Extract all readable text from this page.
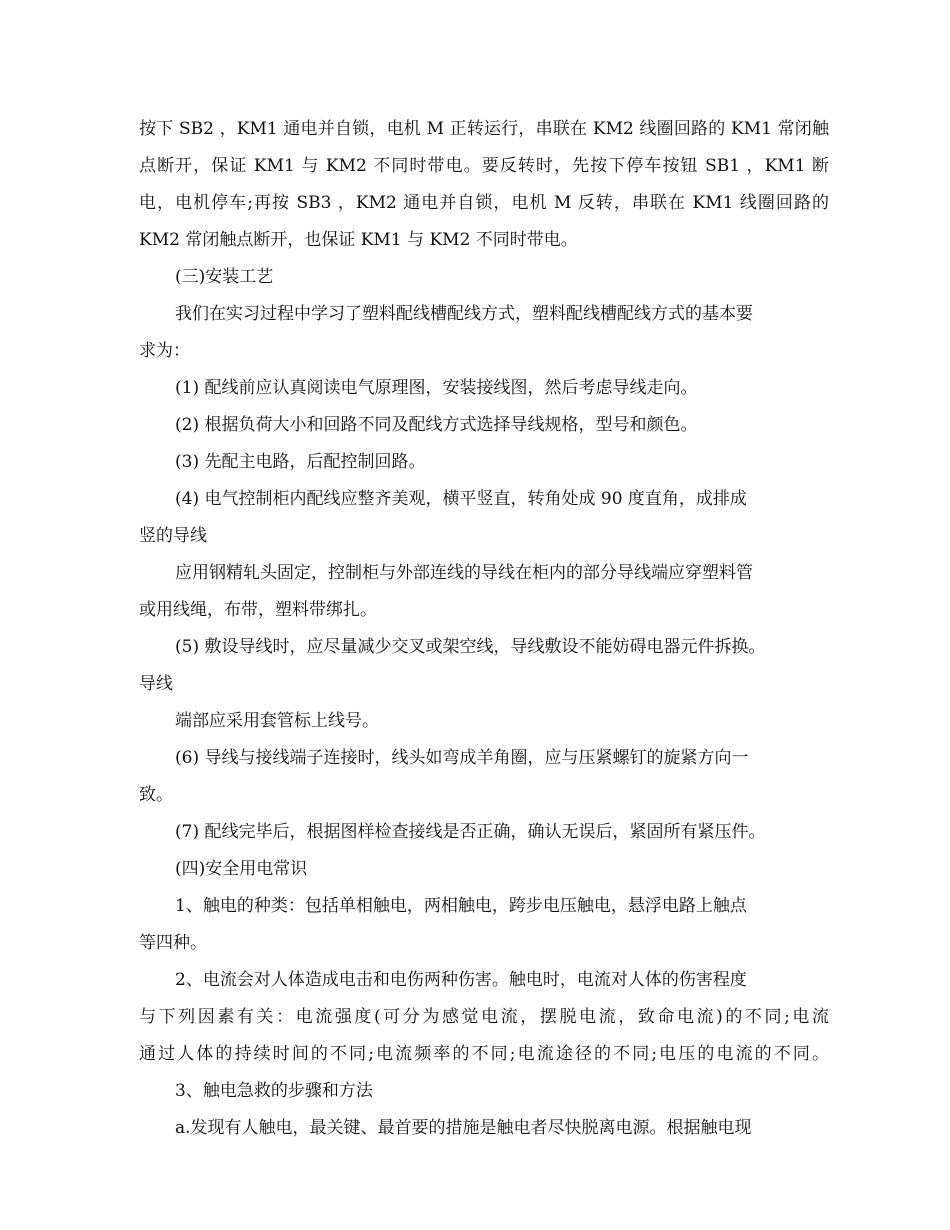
按下 SB2 ，KM1 通电并自锁，电机 M 正转运行，串联在 KM2 线圈回路的 KM1 常闭触
点断开，保证 KM1 与 KM2 不同时带电。要反转时，先按下停车按钮 SB1 ，KM1 断
电，电机停车;再按 SB3 ，KM2 通电并自锁，电机 M 反转，串联在 KM1 线圈回路的
KM2 常闭触点断开，也保证 KM1 与 KM2 不同时带电。
(三)安装工艺
我们在实习过程中学习了塑料配线槽配线方式，塑料配线槽配线方式的基本要
求为：
(1) 配线前应认真阅读电气原理图，安装接线图，然后考虑导线走向。
(2) 根据负荷大小和回路不同及配线方式选择导线规格，型号和颜色。
(3) 先配主电路，后配控制回路。
(4) 电气控制柜内配线应整齐美观，横平竖直，转角处成 90 度直角，成排成
竖的导线
应用钢精轧头固定，控制柜与外部连线的导线在柜内的部分导线端应穿塑料管
或用线绳，布带，塑料带绑扎。
(5) 敷设导线时，应尽量减少交叉或架空线，导线敷设不能妨碍电器元件拆换。
导线
端部应采用套管标上线号。
(6) 导线与接线端子连接时，线头如弯成羊角圈，应与压紧螺钉的旋紧方向一
致。
(7) 配线完毕后，根据图样检查接线是否正确，确认无误后，紧固所有紧压件。
(四)安全用电常识
1、触电的种类：包括单相触电，两相触电，跨步电压触电，悬浮电路上触点
等四种。
2、电流会对人体造成电击和电伤两种伤害。触电时，电流对人体的伤害程度
与下列因素有关：电流强度(可分为感觉电流，摆脱电流，致命电流)的不同;电流
通过人体的持续时间的不同;电流频率的不同;电流途径的不同;电压的电流的不同。
3、触电急救的步骤和方法
a.发现有人触电，最关键、最首要的措施是触电者尽快脱离电源。根据触电现
